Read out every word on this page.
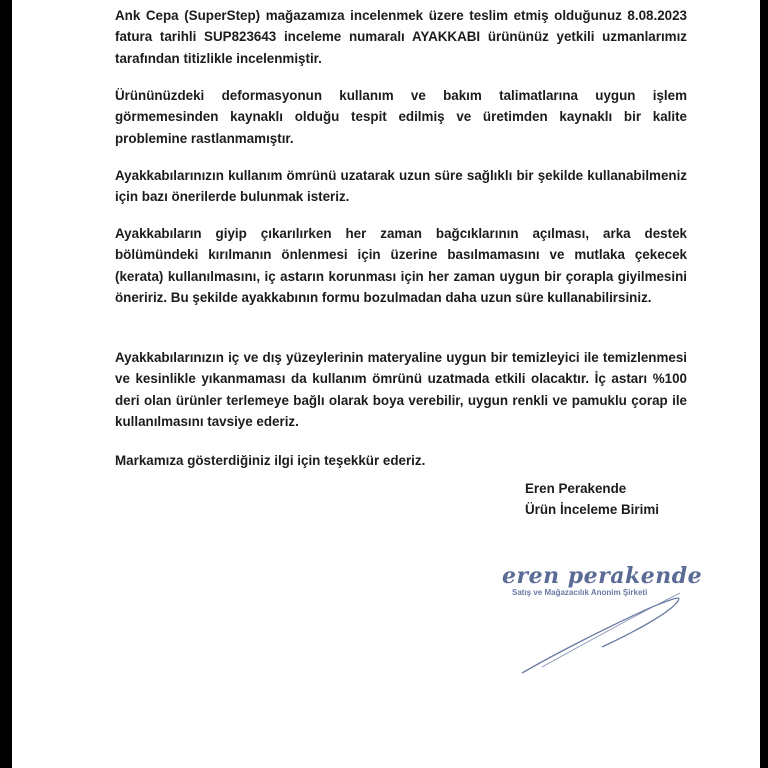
Ank Cepa (SuperStep) mağazamıza incelenmek üzere teslim etmiş olduğunuz 8.08.2023 fatura tarihli SUP823643 inceleme numaralı AYAKKABI ürününüz yetkili uzmanlarımız tarafından titizlikle incelenmiştir.

Ürününüzdeki deformasyonun kullanım ve bakım talimatlarına uygun işlem görmemesinden kaynaklı olduğu tespit edilmiş ve üretimden kaynaklı bir kalite problemine rastlanmamıştır.

Ayakkabılarınızın kullanım ömrünü uzatarak uzun süre sağlıklı bir şekilde kullanabilmeniz için bazı önerilerde bulunmak isteriz.

Ayakkabıların giyip çıkarılırken her zaman bağcıklarının açılması, arka destek bölümündeki kırılmanın önlenmesi için üzerine basılmamasını ve mutlaka çekecek (kerata) kullanılmasını, iç astarın korunması için her zaman uygun bir çorapla giyilmesini öneririz. Bu şekilde ayakkabının formu bozulmadan daha uzun süre kullanabilirsiniz.

Ayakkabılarınızın iç ve dış yüzeylerinin materyaline uygun bir temizleyici ile temizlenmesi ve kesinlikle yıkanmaması da kullanım ömrünü uzatmada etkili olacaktır. İç astarı %100 deri olan ürünler terlemeye bağlı olarak boya verebilir, uygun renkli ve pamuklu çorap ile kullanılmasını tavsiye ederiz.

Markamıza gösterdiğiniz ilgi için teşekkür ederiz.

Eren Perakende
Ürün İnceleme Birimi
eren perakende
Satış ve Mağazacılık Anonim Şirketi
